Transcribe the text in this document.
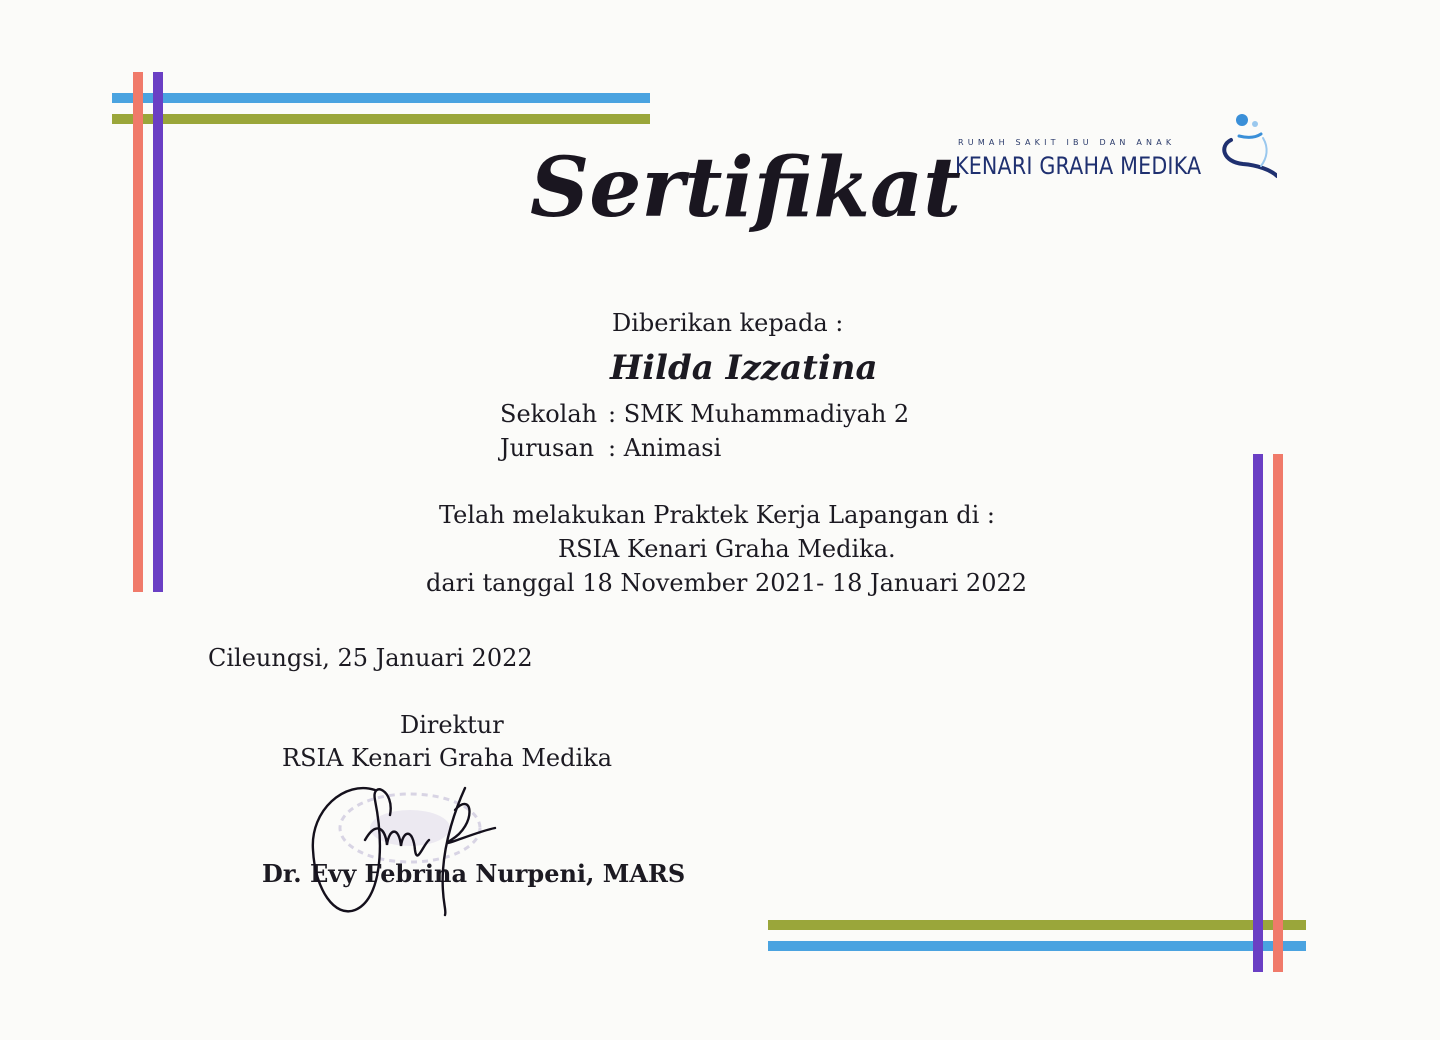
RUMAH SAKIT IBU DAN ANAK
KENARI GRAHA MEDIKA
Sertifikat
Diberikan kepada :
Hilda Izzatina
Sekolah : SMK Muhammadiyah 2
Jurusan : Animasi
Telah melakukan Praktek Kerja Lapangan di :
RSIA Kenari Graha Medika.
dari tanggal 18 November 2021- 18 Januari 2022
Cileungsi, 25 Januari 2022
Direktur
RSIA Kenari Graha Medika
Dr. Evy Febrina Nurpeni, MARS
